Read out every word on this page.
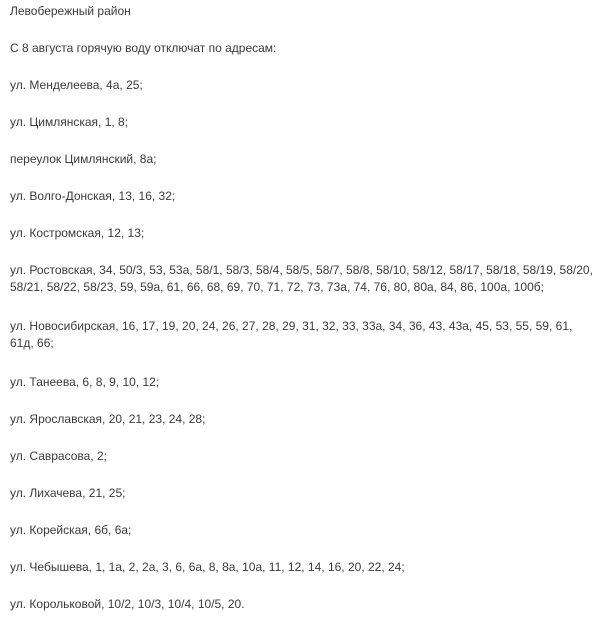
Левобережный район
С 8 августа горячую воду отключат по адресам:
ул. Менделеева, 4а, 25;
ул. Цимлянская, 1, 8;
переулок Цимлянский, 8а;
ул. Волго-Донская, 13, 16, 32;
ул. Костромская, 12, 13;
ул. Ростовская, 34, 50/3, 53, 53а, 58/1, 58/3, 58/4, 58/5, 58/7, 58/8, 58/10, 58/12, 58/17, 58/18, 58/19, 58/20, 58/21, 58/22, 58/23, 59, 59а, 61, 66, 68, 69, 70, 71, 72, 73, 73а, 74, 76, 80, 80а, 84, 86, 100а, 100б;
ул. Новосибирская, 16, 17, 19, 20, 24, 26, 27, 28, 29, 31, 32, 33, 33а, 34, 36, 43, 43а, 45, 53, 55, 59, 61, 61д, 66;
ул. Танеева, 6, 8, 9, 10, 12;
ул. Ярославская, 20, 21, 23, 24, 28;
ул. Саврасова, 2;
ул. Лихачева, 21, 25;
ул. Корейская, 6б, 6а;
ул. Чебышева, 1, 1а, 2, 2а, 3, 6, 6а, 8, 8а, 10а, 11, 12, 14, 16, 20, 22, 24;
ул. Корольковой, 10/2, 10/3, 10/4, 10/5, 20.
